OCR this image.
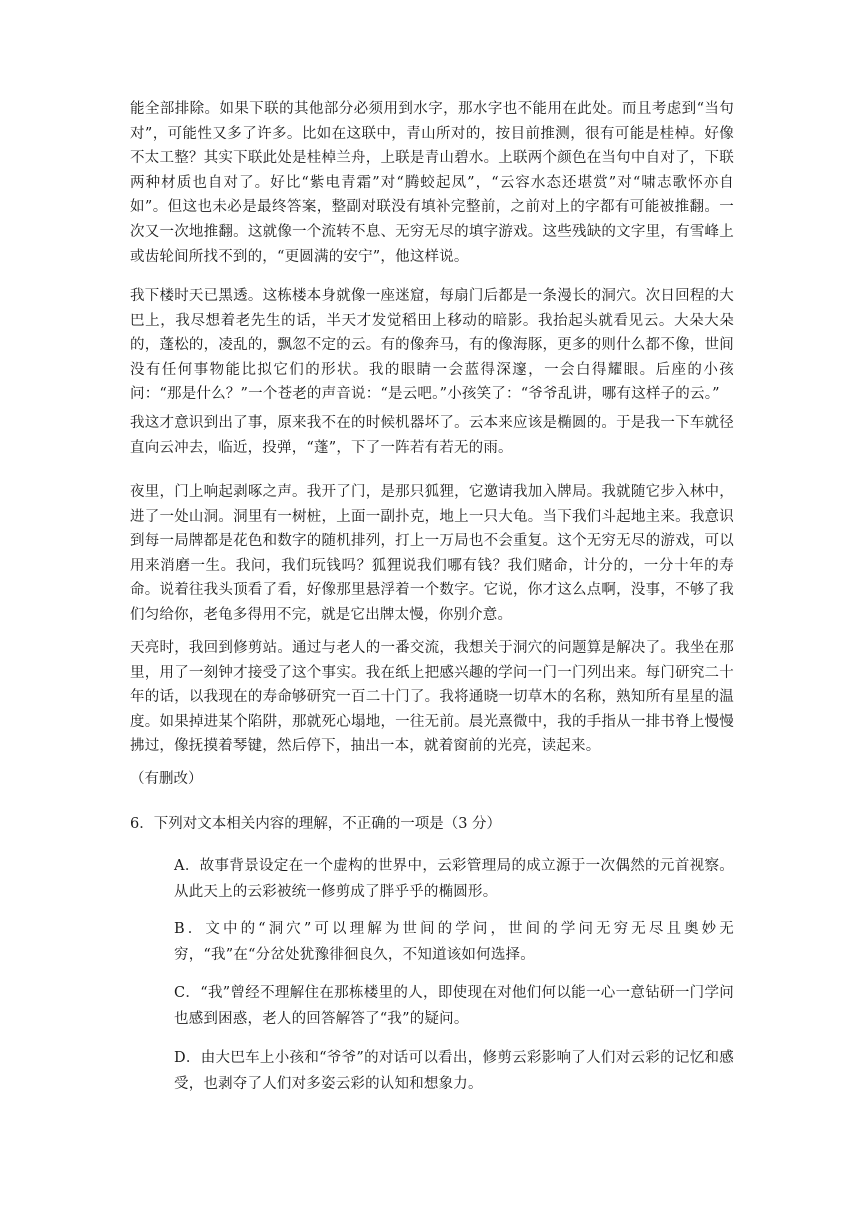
能全部排除。如果下联的其他部分必须用到水字，那水字也不能用在此处。而且考虑到“当句对”，可能性又多了许多。比如在这联中，青山所对的，按目前推测，很有可能是桂棹。好像不太工整？其实下联此处是桂棹兰舟，上联是青山碧水。上联两个颜色在当句中自对了，下联两种材质也自对了。好比“紫电青霜”对“腾蛟起凤”，“云容水态还堪赏”对“啸志歌怀亦自如”。但这也未必是最终答案，整副对联没有填补完整前，之前对上的字都有可能被推翻。一次又一次地推翻。这就像一个流转不息、无穷无尽的填字游戏。这些残缺的文字里，有雪峰上或齿轮间所找不到的，“更圆满的安宁”，他这样说。

我下楼时天已黑透。这栋楼本身就像一座迷窟，每扇门后都是一条漫长的洞穴。次日回程的大巴上，我尽想着老先生的话，半天才发觉稻田上移动的暗影。我抬起头就看见云。大朵大朵的，蓬松的，凌乱的，飘忽不定的云。有的像奔马，有的像海豚，更多的则什么都不像，世间没有任何事物能比拟它们的形状。我的眼睛一会蓝得深邃，一会白得耀眼。后座的小孩问：“那是什么？”一个苍老的声音说：“是云吧。”小孩笑了：“爷爷乱讲，哪有这样子的云。”

我这才意识到出了事，原来我不在的时候机器坏了。云本来应该是椭圆的。于是我一下车就径直向云冲去，临近，投弹，“蓬”，下了一阵若有若无的雨。

夜里，门上响起剥啄之声。我开了门，是那只狐狸，它邀请我加入牌局。我就随它步入林中，进了一处山洞。洞里有一树桩，上面一副扑克，地上一只大龟。当下我们斗起地主来。我意识到每一局牌都是花色和数字的随机排列，打上一万局也不会重复。这个无穷无尽的游戏，可以用来消磨一生。我问，我们玩钱吗？狐狸说我们哪有钱？我们赌命，计分的，一分十年的寿命。说着往我头顶看了看，好像那里悬浮着一个数字。它说，你才这么点啊，没事，不够了我们匀给你，老龟多得用不完，就是它出牌太慢，你别介意。

天亮时，我回到修剪站。通过与老人的一番交流，我想关于洞穴的问题算是解决了。我坐在那里，用了一刻钟才接受了这个事实。我在纸上把感兴趣的学问一门一门列出来。每门研究二十年的话，以我现在的寿命够研究一百二十门了。我将通晓一切草木的名称，熟知所有星星的温度。如果掉进某个陷阱，那就死心塌地，一往无前。晨光熹微中，我的手指从一排书脊上慢慢拂过，像抚摸着琴键，然后停下，抽出一本，就着窗前的光亮，读起来。

（有删改）

6．下列对文本相关内容的理解，不正确的一项是（3 分）

A．故事背景设定在一个虚构的世界中，云彩管理局的成立源于一次偶然的元首视察。从此天上的云彩被统一修剪成了胖乎乎的椭圆形。

B．文中的“洞穴”可以理解为世间的学问，世间的学问无穷无尽且奥妙无穷，“我”在“分岔处犹豫徘徊良久，不知道该如何选择。

C．“我”曾经不理解住在那栋楼里的人，即使现在对他们何以能一心一意钻研一门学问也感到困惑，老人的回答解答了“我”的疑问。

D．由大巴车上小孩和“爷爷”的对话可以看出，修剪云彩影响了人们对云彩的记忆和感受，也剥夺了人们对多姿云彩的认知和想象力。
